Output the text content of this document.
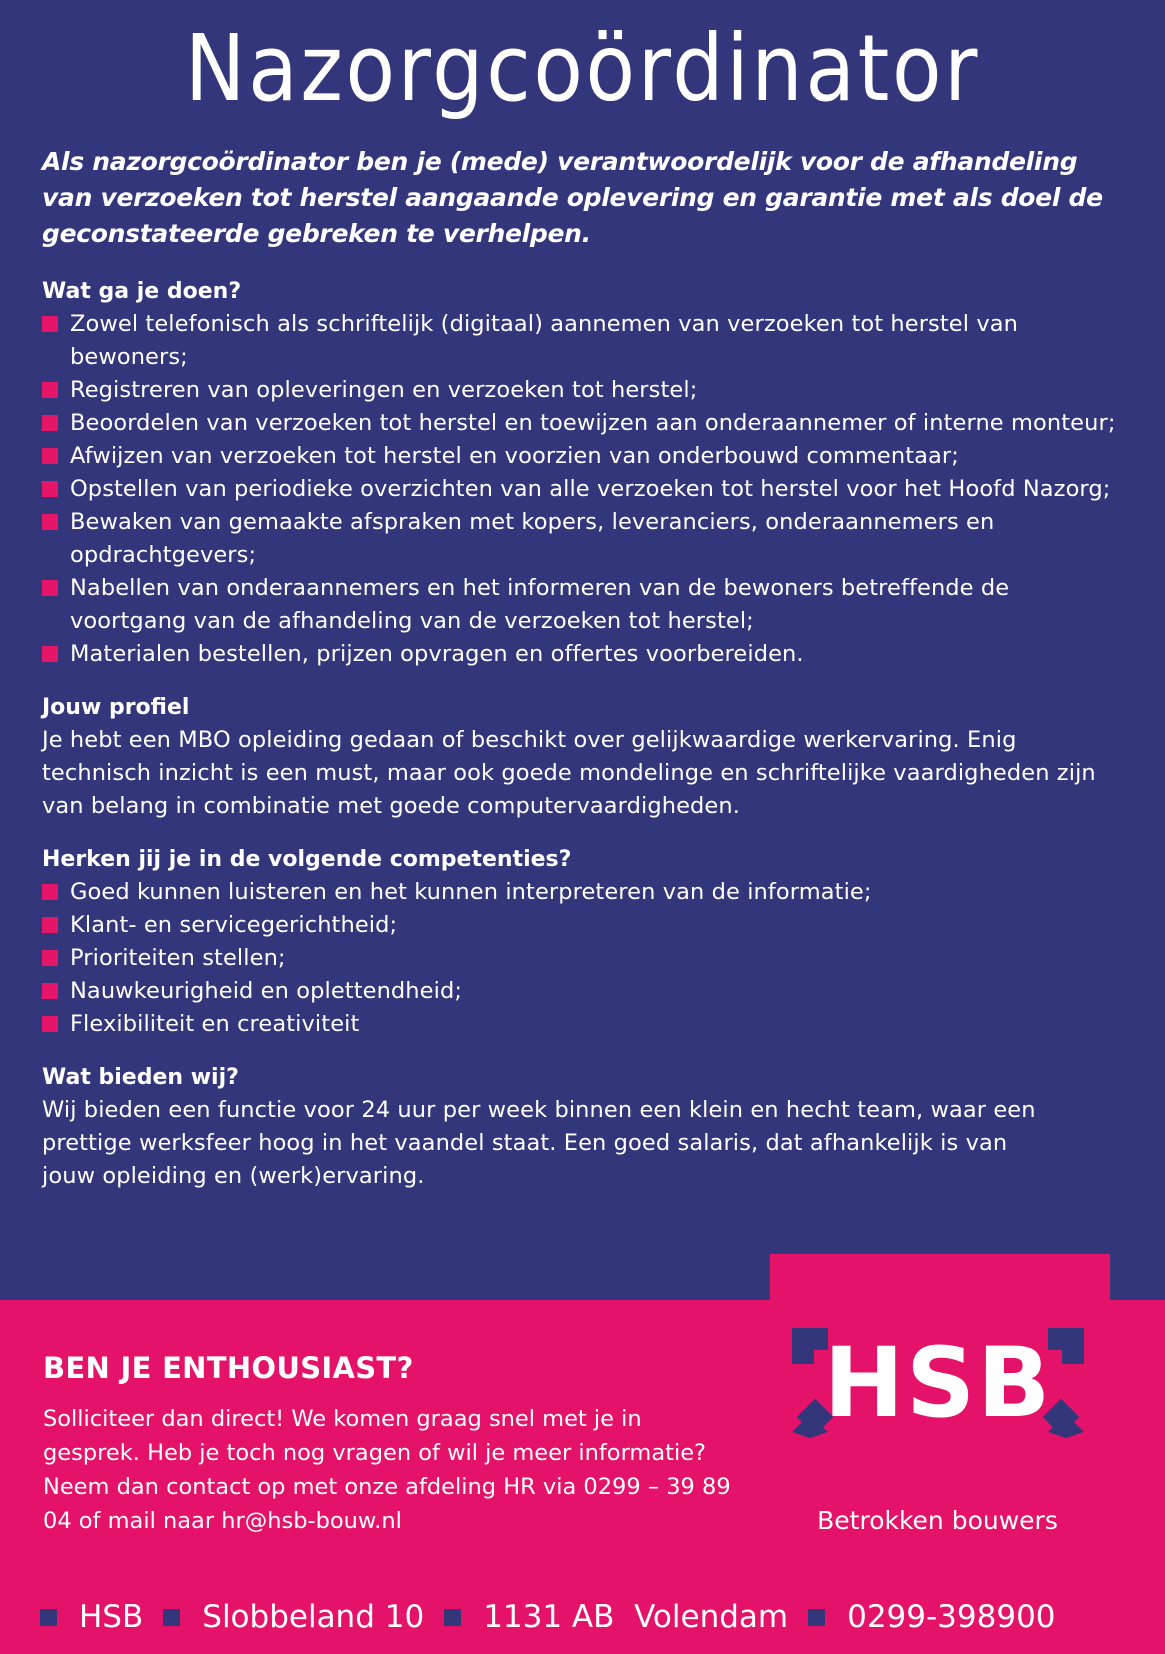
Nazorgcoördinator
Als nazorgcoördinator ben je (mede) verantwoordelijk voor de afhandeling van verzoeken tot herstel aangaande oplevering en garantie met als doel de geconstateerde gebreken te verhelpen.
Wat ga je doen?
Zowel telefonisch als schriftelijk (digitaal) aannemen van verzoeken tot herstel van bewoners;
Registreren van opleveringen en verzoeken tot herstel;
Beoordelen van verzoeken tot herstel en toewijzen aan onderaannemer of interne monteur;
Afwijzen van verzoeken tot herstel en voorzien van onderbouwd commentaar;
Opstellen van periodieke overzichten van alle verzoeken tot herstel voor het Hoofd Nazorg;
Bewaken van gemaakte afspraken met kopers, leveranciers, onderaannemers en opdrachtgevers;
Nabellen van onderaannemers en het informeren van de bewoners betreffende de voortgang van de afhandeling van de verzoeken tot herstel;
Materialen bestellen, prijzen opvragen en offertes voorbereiden.
Jouw profiel
Je hebt een MBO opleiding gedaan of beschikt over gelijkwaardige werkervaring. Enig technisch inzicht is een must, maar ook goede mondelinge en schriftelijke vaardigheden zijn van belang in combinatie met goede computervaardigheden.
Herken jij je in de volgende competenties?
Goed kunnen luisteren en het kunnen interpreteren van de informatie;
Klant- en servicegerichtheid;
Prioriteiten stellen;
Nauwkeurigheid en oplettendheid;
Flexibiliteit en creativiteit
Wat bieden wij?
Wij bieden een functie voor 24 uur per week binnen een klein en hecht team, waar een prettige werksfeer hoog in het vaandel staat. Een goed salaris, dat afhankelijk is van jouw opleiding en (werk)ervaring.
BEN JE ENTHOUSIAST?
Solliciteer dan direct! We komen graag snel met je in gesprek. Heb je toch nog vragen of wil je meer informatie? Neem dan contact op met onze afdeling HR via 0299 – 39 89 04 of mail naar hr@hsb-bouw.nl
HSB
Betrokken bouwers
HSB Slobbeland 10 1131 AB  Volendam 0299-398900
